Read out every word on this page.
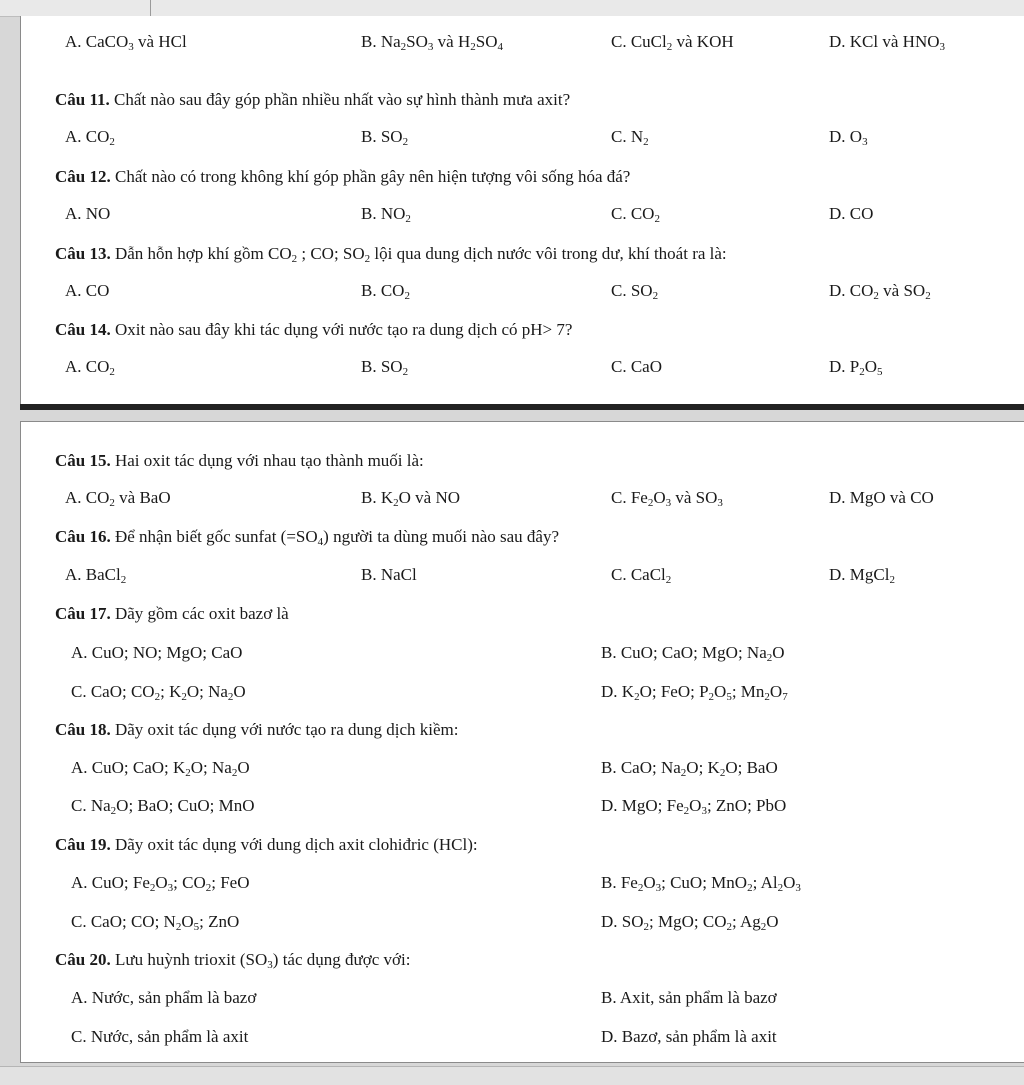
A. CaCO$_3$ và HCl	B. $Na_2SO_3$ và $H_2SO_4$	C. CuCl$_2$ và KOH	D. KCl và $HNO_3$
Câu 11. Chất nào sau đây góp phần nhiều nhất vào sự hình thành mưa axit?
A. $CO_2$	B. $SO_2$	C. $N_2$	D. $O_3$
Câu 12. Chất nào có trong không khí góp phần gây nên hiện tượng vôi sống hóa đá?
A. NO	B. $NO_2$	C. $CO_2$	D. CO
Câu 13. Dẫn hỗn hợp khí gồm $CO_2$ ; CO; $SO_2$ lội qua dung dịch nước vôi trong dư, khí thoát ra là:
A. CO	B. $CO_2$	C. $SO_2$	D. $CO_2$ và $SO_2$
Câu 14. Oxit nào sau đây khi tác dụng với nước tạo ra dung dịch có pH> 7?
A. $CO_2$	B. $SO_2$	C. CaO	D. $P_2O_5$
Câu 15. Hai oxit tác dụng với nhau tạo thành muối là:
A. $CO_2$ và BaO	B. $K_2O$ và NO	C. $Fe_2O_3$ và $SO_3$	D. MgO và CO
Câu 16. Để nhận biết gốc sunfat $(=SO_4)$ người ta dùng muối nào sau đây?
A. BaCl$_2$	B. NaCl	C. CaCl$_2$	D. MgCl$_2$
Câu 17. Dãy gồm các oxit bazơ là
A. CuO; NO; MgO; CaO	B. CuO; CaO; MgO; $Na_2O$
C. CaO; $CO_2$; $K_2O$; $Na_2O$	D. $K_2O$; FeO; $P_2O_5$; $Mn_2O_7$
Câu 18. Dãy oxit tác dụng với nước tạo ra dung dịch kiềm:
A. CuO; CaO; $K_2O$; $Na_2O$	B. CaO; $Na_2O$; $K_2O$; BaO
C. $Na_2O$; BaO; CuO; MnO	D. MgO; $Fe_2O_3$; ZnO; PbO
Câu 19. Dãy oxit tác dụng với dung dịch axit clohiđric (HCl):
A. CuO; $Fe_2O_3$; $CO_2$; FeO	B. $Fe_2O_3$; CuO; MnO$_2$; $Al_2O_3$
C. CaO; CO; $N_2O_5$; ZnO	D. $SO_2$; MgO; $CO_2$; $Ag_2O$
Câu 20. Lưu huỳnh trioxit $(SO_3)$ tác dụng được với:
A. Nước, sản phẩm là bazơ	B. Axit, sản phẩm là bazơ
C. Nước, sản phẩm là axit	D. Bazơ, sản phẩm là axit
